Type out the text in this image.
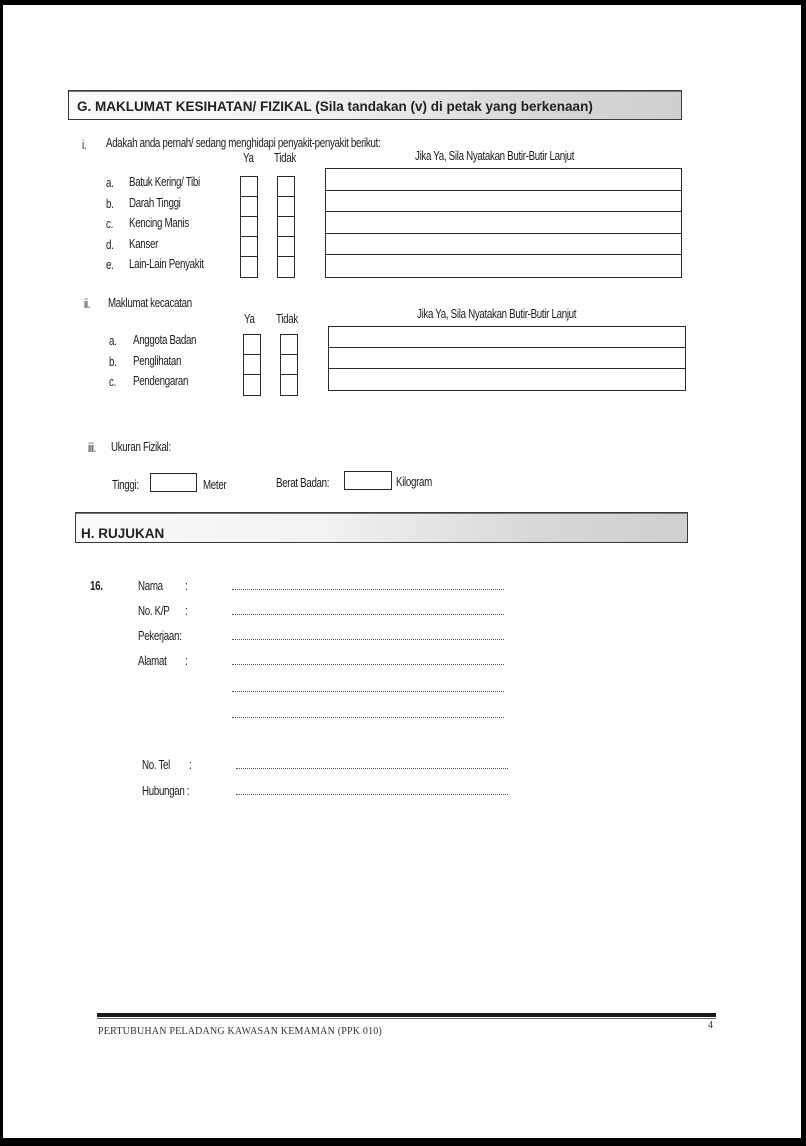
G. MAKLUMAT KESIHATAN/ FIZIKAL (Sila tandakan (v) di petak yang berkenaan)
i. Adakah anda pernah/ sedang menghidapi penyakit-penyakit berikut:
Ya Tidak	Jika Ya, Sila Nyatakan Butir-Butir Lanjut
a. Batuk Kering/ Tibi
b. Darah Tinggi
c. Kencing Manis
d. Kanser
e. Lain-Lain Penyakit
ii. Maklumat kecacatan
Ya Tidak	Jika Ya, Sila Nyatakan Butir-Butir Lanjut
a. Anggota Badan
b. Penglihatan
c. Pendengaran
iii. Ukuran Fizikal:
Tinggi:	Meter	Berat Badan:	Kilogram
H. RUJUKAN
16.	Nama :
No. K/P :
Pekerjaan:
Alamat :
No. Tel :
Hubungan :
PERTUBUHAN PELADANG KAWASAN KEMAMAN (PPK 010)
4
